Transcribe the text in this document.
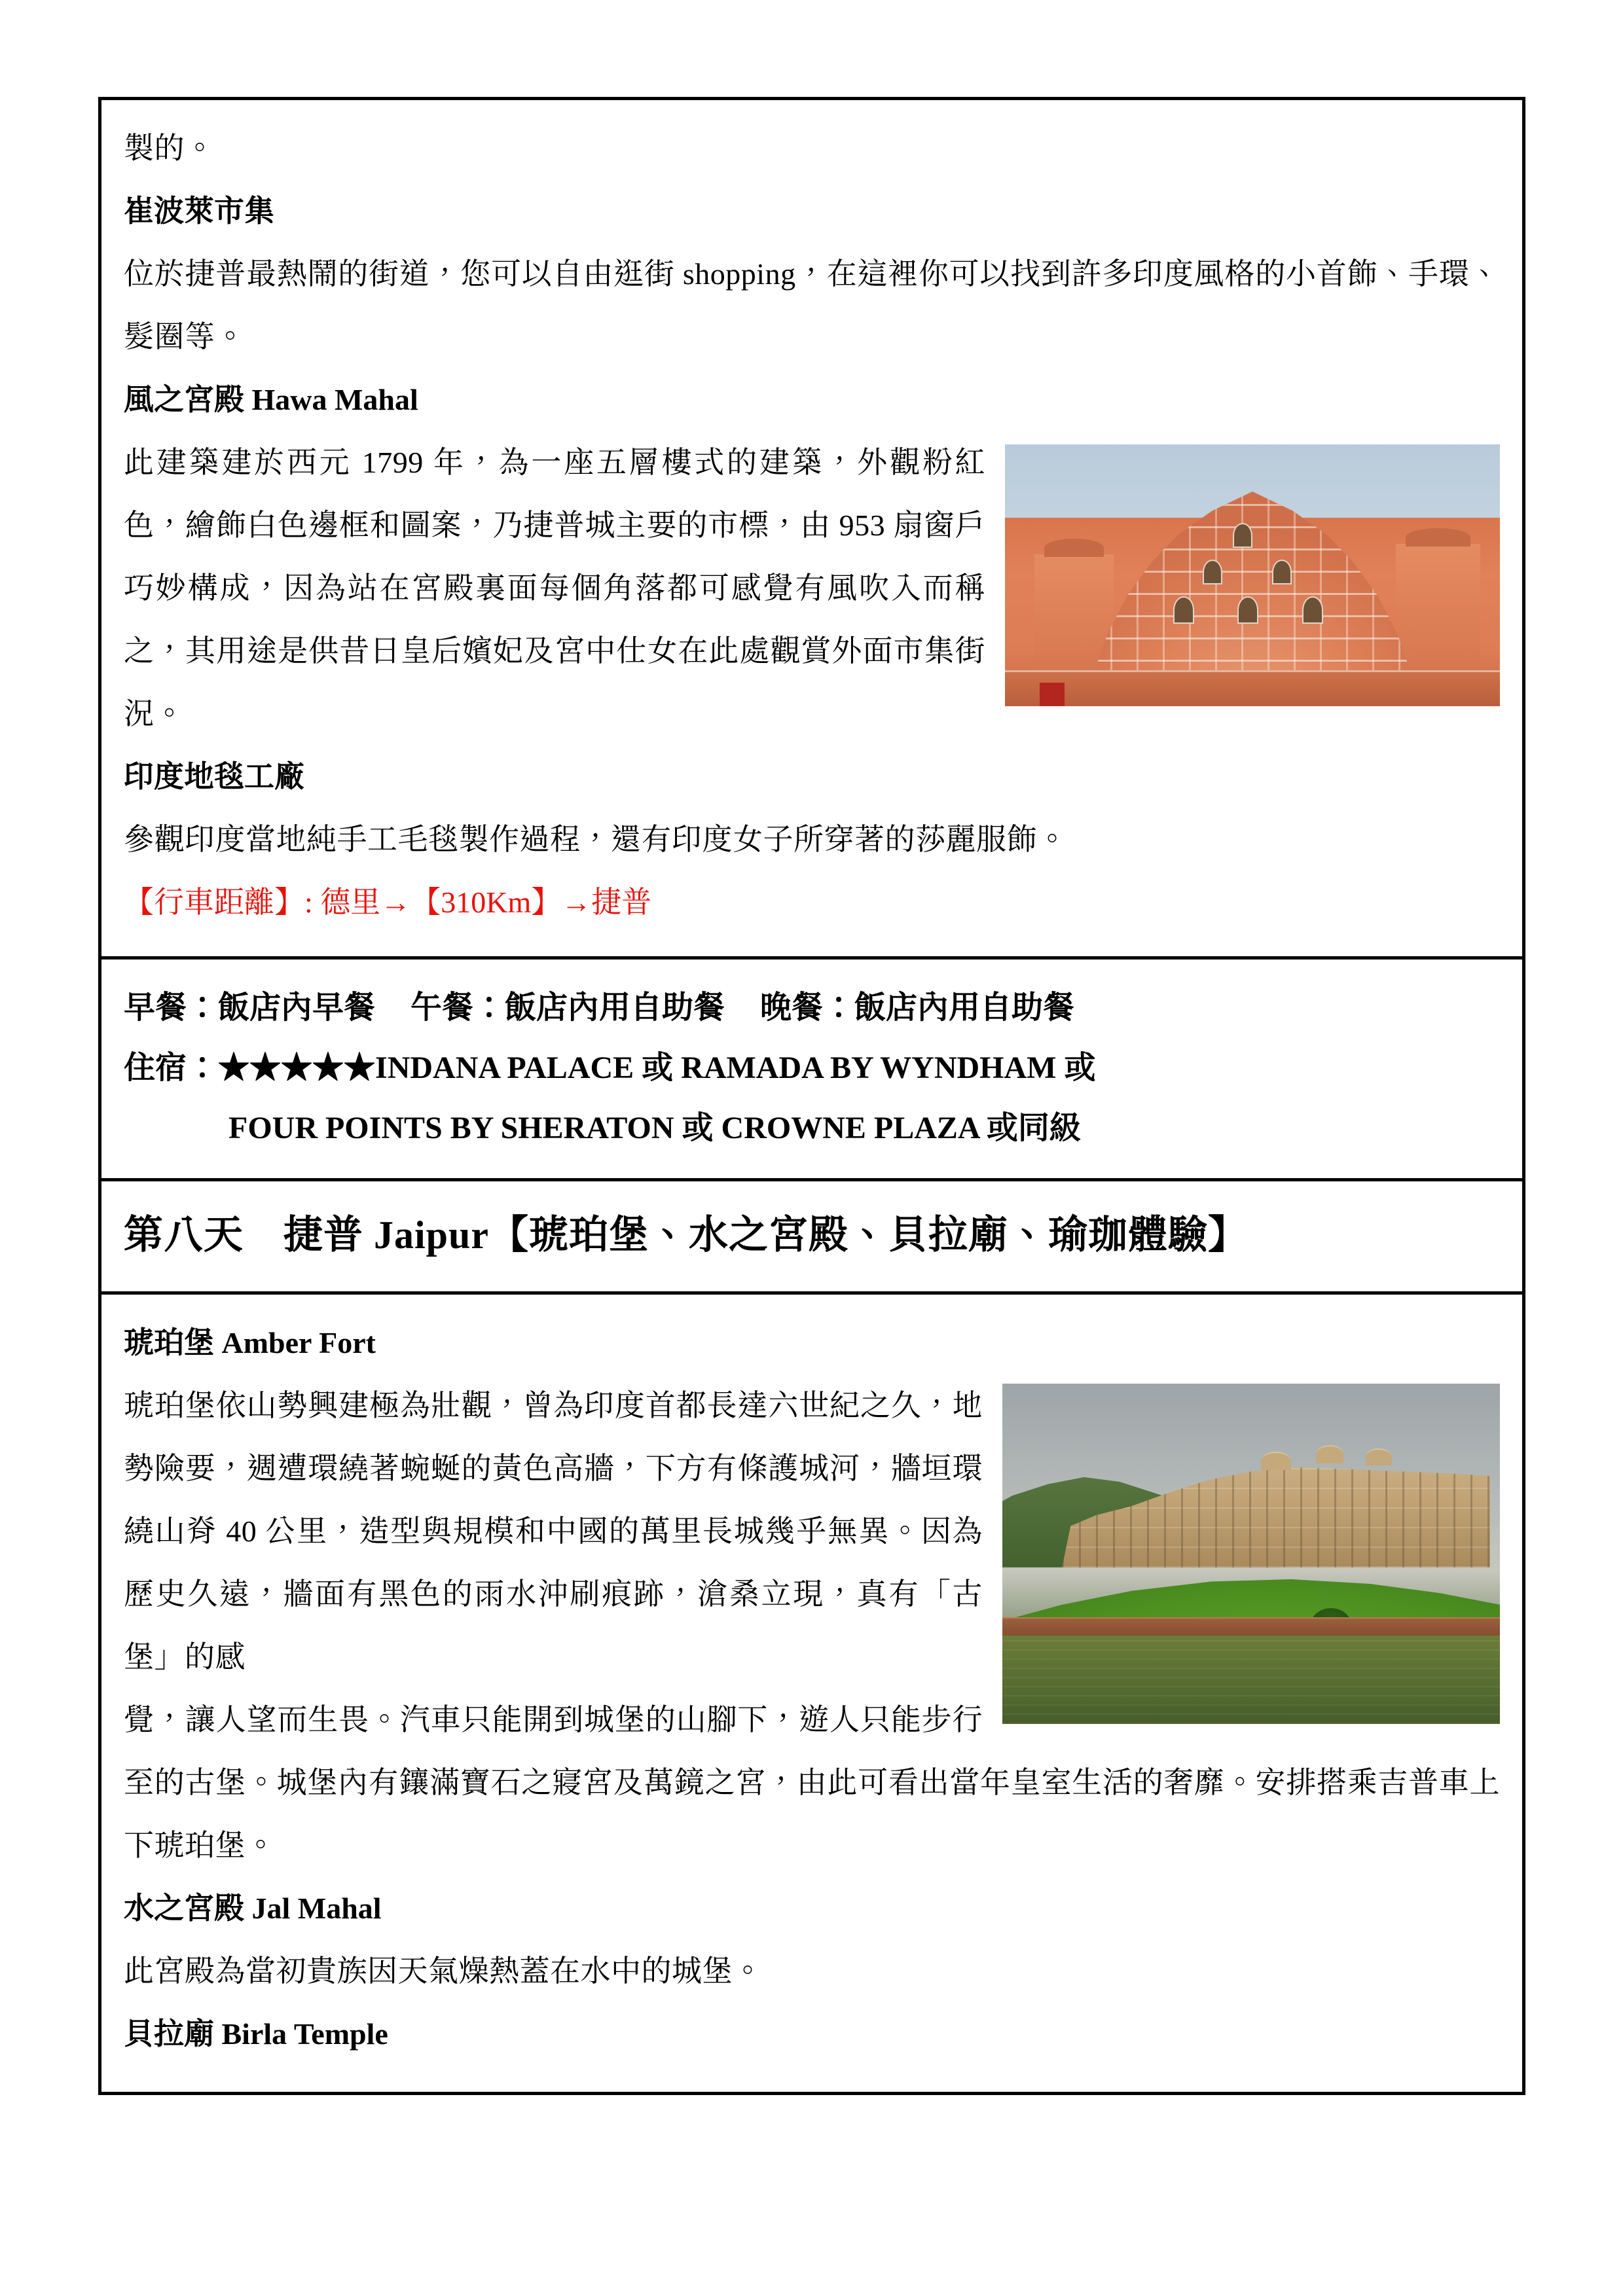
製的。

崔波萊市集

位於捷普最熱鬧的街道，您可以自由逛街 shopping，在這裡你可以找到許多印度風格的小首飾、手環、髮圈等。

風之宮殿 Hawa Mahal

此建築建於西元 1799 年，為一座五層樓式的建築，外觀粉紅色，繪飾白色邊框和圖案，乃捷普城主要的市標，由 953 扇窗戶巧妙構成，因為站在宮殿裏面每個角落都可感覺有風吹入而稱之，其用途是供昔日皇后嬪妃及宮中仕女在此處觀賞外面市集街況。

印度地毯工廠

參觀印度當地純手工毛毯製作過程，還有印度女子所穿著的莎麗服飾。

【行車距離】: 德里→【310Km】→捷普

早餐：飯店內早餐 午餐：飯店內用自助餐 晚餐：飯店內用自助餐

住宿：★★★★★INDANA PALACE 或 RAMADA BY WYNDHAM 或

FOUR POINTS BY SHERATON 或 CROWNE PLAZA 或同級

第八天　捷普 Jaipur【琥珀堡、水之宮殿、貝拉廟、瑜珈體驗】

琥珀堡 Amber Fort

琥珀堡依山勢興建極為壯觀，曾為印度首都長達六世紀之久，地勢險要，週遭環繞著蜿蜒的黃色高牆，下方有條護城河，牆垣環繞山脊 40 公里，造型與規模和中國的萬里長城幾乎無異。因為歷史久遠，牆面有黑色的雨水沖刷痕跡，滄桑立現，真有「古堡」的感

覺，讓人望而生畏。汽車只能開到城堡的山腳下，遊人只能步行至的古堡。城堡內有鑲滿寶石之寢宮及萬鏡之宮，由此可看出當年皇室生活的奢靡。安排搭乘吉普車上下琥珀堡。

水之宮殿 Jal Mahal

此宮殿為當初貴族因天氣燥熱蓋在水中的城堡。

貝拉廟 Birla Temple
